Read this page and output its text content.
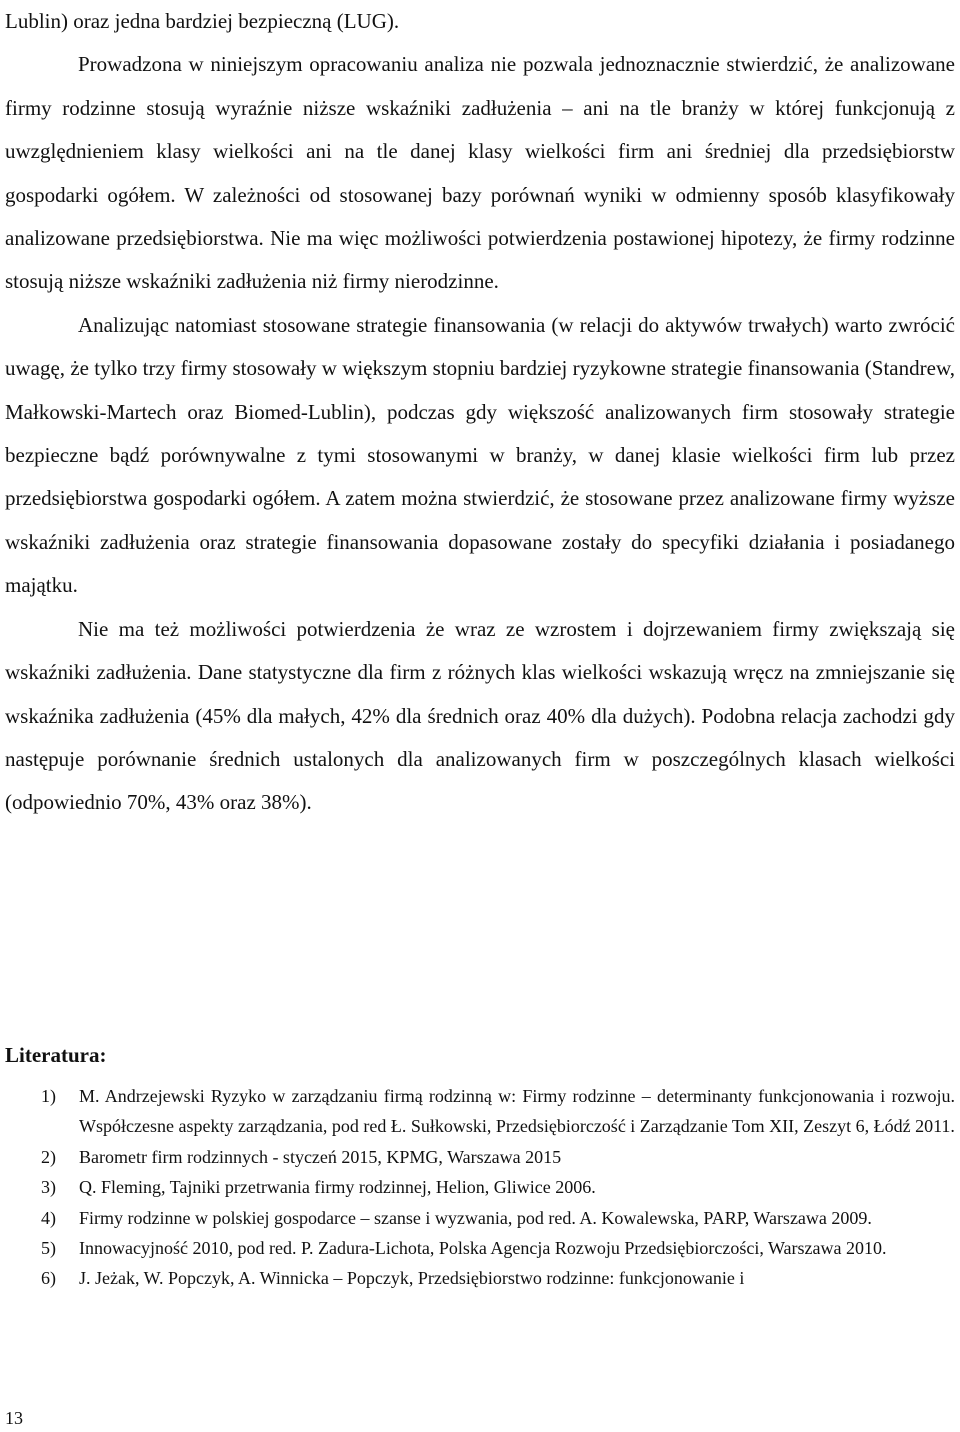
Lublin) oraz jedna bardziej bezpieczną (LUG).

Prowadzona w niniejszym opracowaniu analiza nie pozwala jednoznacznie stwierdzić, że analizowane firmy rodzinne stosują wyraźnie niższe wskaźniki zadłużenia – ani na tle branży w której funkcjonują z uwzględnieniem klasy wielkości ani na tle danej klasy wielkości firm ani średniej dla przedsiębiorstw gospodarki ogółem. W zależności od stosowanej bazy porównań wyniki w odmienny sposób klasyfikowały analizowane przedsiębiorstwa. Nie ma więc możliwości potwierdzenia postawionej hipotezy, że firmy rodzinne stosują niższe wskaźniki zadłużenia niż firmy nierodzinne.

Analizując natomiast stosowane strategie finansowania (w relacji do aktywów trwałych) warto zwrócić uwagę, że tylko trzy firmy stosowały w większym stopniu bardziej ryzykowne strategie finansowania (Standrew, Małkowski-Martech oraz Biomed-Lublin), podczas gdy większość analizowanych firm stosowały strategie bezpieczne bądź porównywalne z tymi stosowanymi w branży, w danej klasie wielkości firm lub przez przedsiębiorstwa gospodarki ogółem. A zatem można stwierdzić, że stosowane przez analizowane firmy wyższe wskaźniki zadłużenia oraz strategie finansowania dopasowane zostały do specyfiki działania i posiadanego majątku.

Nie ma też możliwości potwierdzenia że wraz ze wzrostem i dojrzewaniem firmy zwiększają się wskaźniki zadłużenia. Dane statystyczne dla firm z różnych klas wielkości wskazują wręcz na zmniejszanie się wskaźnika zadłużenia (45% dla małych, 42% dla średnich oraz 40% dla dużych). Podobna relacja zachodzi gdy następuje porównanie średnich ustalonych dla analizowanych firm w poszczególnych klasach wielkości (odpowiednio 70%, 43% oraz 38%).

Literatura:
1) M. Andrzejewski Ryzyko w zarządzaniu firmą rodzinną w: Firmy rodzinne – determinanty funkcjonowania i rozwoju. Współczesne aspekty zarządzania, pod red Ł. Sułkowski, Przedsiębiorczość i Zarządzanie Tom XII, Zeszyt 6, Łódź 2011.
2) Barometr firm rodzinnych - styczeń 2015, KPMG, Warszawa 2015
3) Q. Fleming, Tajniki przetrwania firmy rodzinnej, Helion, Gliwice 2006.
4) Firmy rodzinne w polskiej gospodarce – szanse i wyzwania, pod red. A. Kowalewska, PARP, Warszawa 2009.
5) Innowacyjność 2010, pod red. P. Zadura-Lichota, Polska Agencja Rozwoju Przedsiębiorczości, Warszawa 2010.
6) J. Jeżak, W. Popczyk, A. Winnicka – Popczyk, Przedsiębiorstwo rodzinne: funkcjonowanie i
13
